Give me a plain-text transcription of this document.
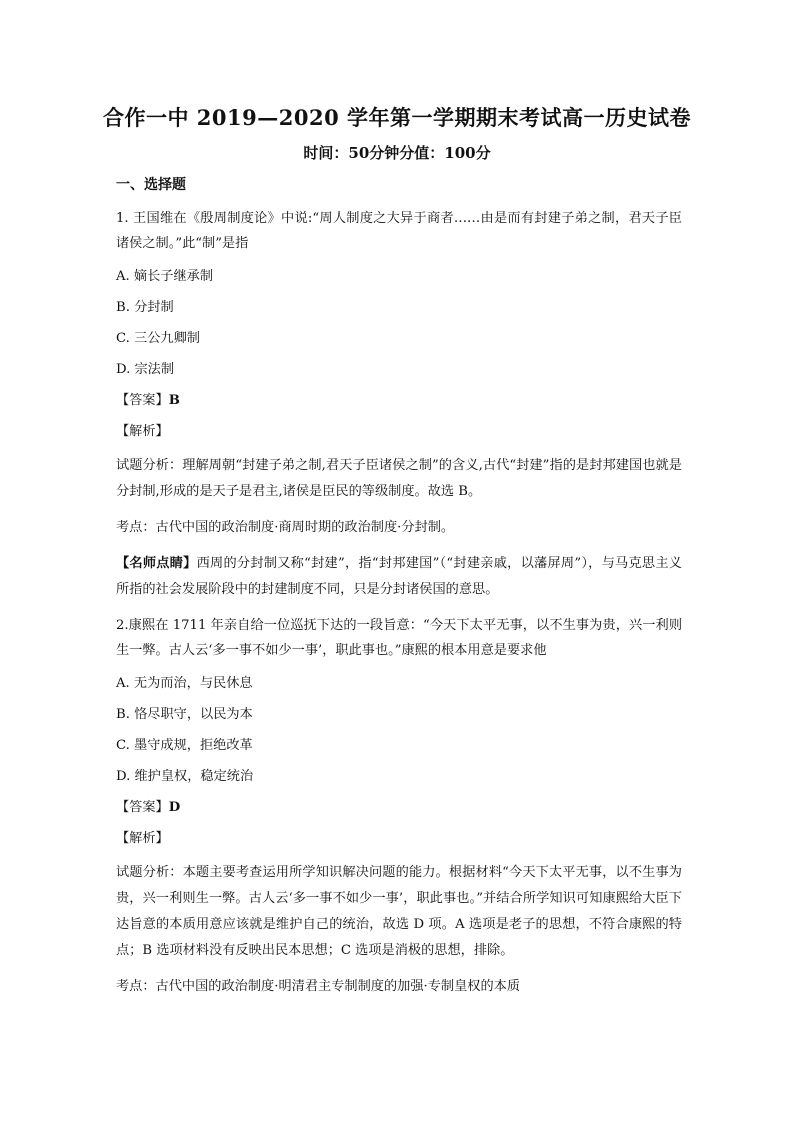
合作一中 2019—2020 学年第一学期期末考试高一历史试卷
时间：50分钟分值：100分
一、选择题
1. 王国维在《殷周制度论》中说:“周人制度之大异于商者……由是而有封建子弟之制，君天子臣诸侯之制。”此“制”是指
A. 嫡长子继承制
B. 分封制
C. 三公九卿制
D. 宗法制
【答案】B
【解析】
试题分析：理解周朝“封建子弟之制,君天子臣诸侯之制”的含义,古代“封建”指的是封邦建国也就是分封制,形成的是天子是君主,诸侯是臣民的等级制度。故选 B。
考点：古代中国的政治制度·商周时期的政治制度·分封制。
【名师点睛】西周的分封制又称“封建”，指“封邦建国”（“封建亲戚，以藩屏周”），与马克思主义所指的社会发展阶段中的封建制度不同，只是分封诸侯国的意思。
2.康熙在 1711 年亲自给一位巡抚下达的一段旨意：“今天下太平无事，以不生事为贵，兴一利则生一弊。古人云‘多一事不如少一事’，职此事也。”康熙的根本用意是要求他
A. 无为而治，与民休息
B. 恪尽职守，以民为本
C. 墨守成规，拒绝改革
D. 维护皇权，稳定统治
【答案】D
【解析】
试题分析：本题主要考查运用所学知识解决问题的能力。根据材料“今天下太平无事，以不生事为贵，兴一利则生一弊。古人云‘多一事不如少一事’，职此事也。”并结合所学知识可知康熙给大臣下达旨意的本质用意应该就是维护自己的统治，故选 D 项。A 选项是老子的思想，不符合康熙的特点；B 选项材料没有反映出民本思想；C 选项是消极的思想，排除。
考点：古代中国的政治制度·明清君主专制制度的加强·专制皇权的本质
